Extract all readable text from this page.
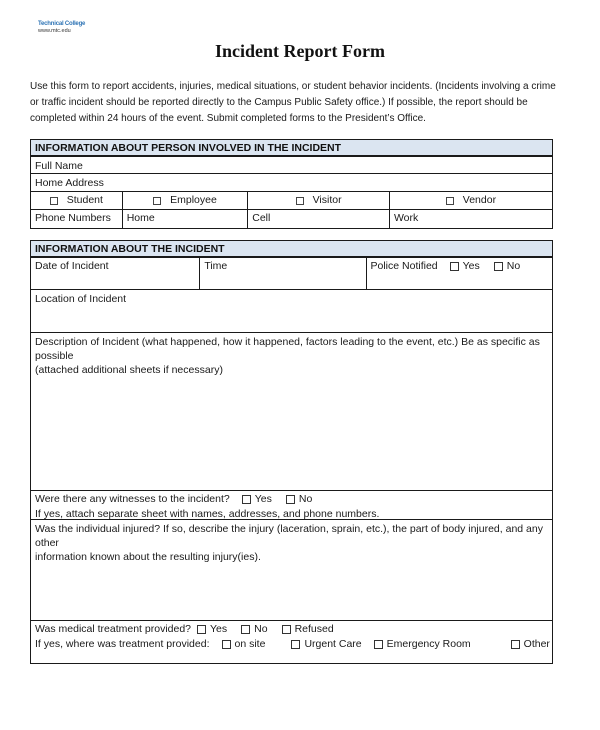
Technical College
www.mtc.edu
Incident Report Form

Use this form to report accidents, injuries, medical situations, or student behavior incidents. (Incidents involving a crime or traffic incident should be reported directly to the Campus Public Safety office.) If possible, the report should be completed within 24 hours of the event. Submit completed forms to the President’s Office.

INFORMATION ABOUT PERSON INVOLVED IN THE INCIDENT
Full Name
Home Address
Student	Employee	Visitor	Vendor
Phone Numbers	Home	Cell	Work
INFORMATION ABOUT THE INCIDENT
Date of Incident	Time	Police Notified Yes	No
Location of Incident
Description of Incident (what happened, how it happened, factors leading to the event, etc.) Be as specific as possible
(attached additional sheets if necessary)
Were there any witnesses to the incident? Yes	No
If yes, attach separate sheet with names, addresses, and phone numbers.
Was the individual injured? If so, describe the injury (laceration, sprain, etc.), the part of body injured, and any other
information known about the resulting injury(ies).
Was medical treatment provided? Yes	No	Refused
If yes, where was treatment provided: on site	Urgent Care Emergency Room	Other
